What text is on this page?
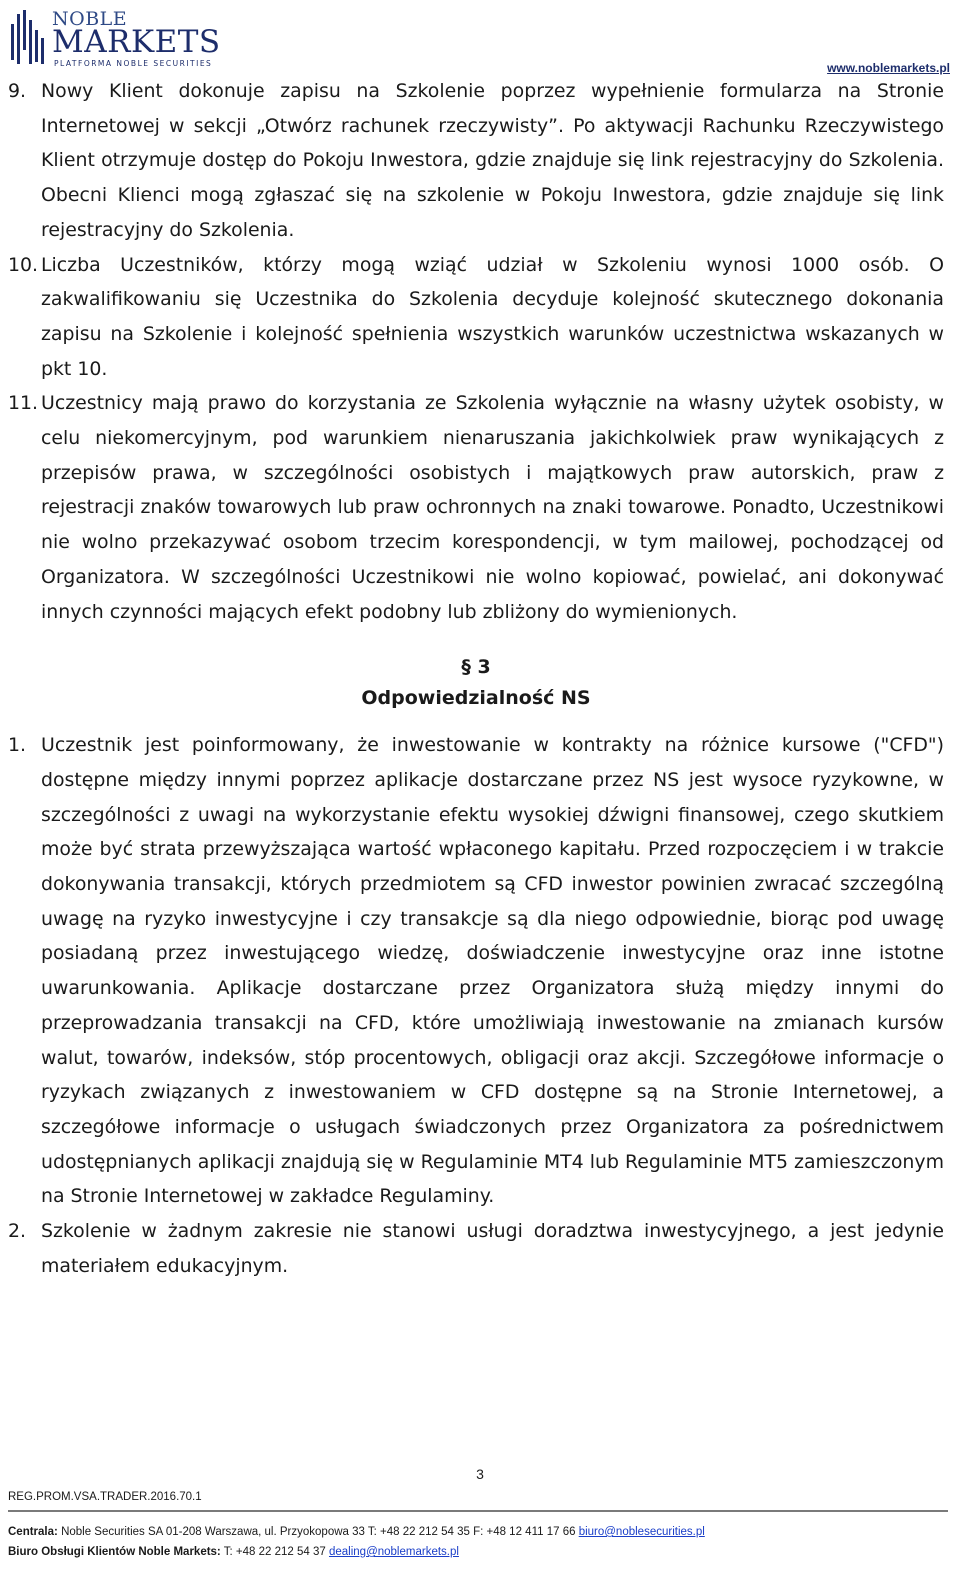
NOBLE
MARKETS
PLATFORMA NOBLE SECURITIES	www.noblemarkets.pl
9. Nowy Klient dokonuje zapisu na Szkolenie poprzez wypełnienie formularza na Stronie Internetowej w sekcji „Otwórz rachunek rzeczywisty”. Po aktywacji Rachunku Rzeczywistego Klient otrzymuje dostęp do Pokoju Inwestora, gdzie znajduje się link rejestracyjny do Szkolenia. Obecni Klienci mogą zgłaszać się na szkolenie w Pokoju Inwestora, gdzie znajduje się link rejestracyjny do Szkolenia.
10. Liczba Uczestników, którzy mogą wziąć udział w Szkoleniu wynosi 1000 osób. O zakwalifikowaniu się Uczestnika do Szkolenia decyduje kolejność skutecznego dokonania zapisu na Szkolenie i kolejność spełnienia wszystkich warunków uczestnictwa wskazanych w pkt 10.
11. Uczestnicy mają prawo do korzystania ze Szkolenia wyłącznie na własny użytek osobisty, w celu niekomercyjnym, pod warunkiem nienaruszania jakichkolwiek praw wynikających z przepisów prawa, w szczególności osobistych i majątkowych praw autorskich, praw z rejestracji znaków towarowych lub praw ochronnych na znaki towarowe. Ponadto, Uczestnikowi nie wolno przekazywać osobom trzecim korespondencji, w tym mailowej, pochodzącej od Organizatora. W szczególności Uczestnikowi nie wolno kopiować, powielać, ani dokonywać innych czynności mających efekt podobny lub zbliżony do wymienionych.
§ 3
Odpowiedzialność NS
1. Uczestnik jest poinformowany, że inwestowanie w kontrakty na różnice kursowe ("CFD") dostępne między innymi poprzez aplikacje dostarczane przez NS jest wysoce ryzykowne, w szczególności z uwagi na wykorzystanie efektu wysokiej dźwigni finansowej, czego skutkiem może być strata przewyższająca wartość wpłaconego kapitału. Przed rozpoczęciem i w trakcie dokonywania transakcji, których przedmiotem są CFD inwestor powinien zwracać szczególną uwagę na ryzyko inwestycyjne i czy transakcje są dla niego odpowiednie, biorąc pod uwagę posiadaną przez inwestującego wiedzę, doświadczenie inwestycyjne oraz inne istotne uwarunkowania. Aplikacje dostarczane przez Organizatora służą między innymi do przeprowadzania transakcji na CFD, które umożliwiają inwestowanie na zmianach kursów walut, towarów, indeksów, stóp procentowych, obligacji oraz akcji. Szczegółowe informacje o ryzykach związanych z inwestowaniem w CFD dostępne są na Stronie Internetowej, a szczegółowe informacje o usługach świadczonych przez Organizatora za pośrednictwem udostępnianych aplikacji znajdują się w Regulaminie MT4 lub Regulaminie MT5 zamieszczonym na Stronie Internetowej w zakładce Regulaminy.
2. Szkolenie w żadnym zakresie nie stanowi usługi doradztwa inwestycyjnego, a jest jedynie materiałem edukacyjnym.
3
REG.PROM.VSA.TRADER.2016.70.1
Centrala: Noble Securities SA 01-208 Warszawa, ul. Przyokopowa 33 T: +48 22 212 54 35 F: +48 12 411 17 66 biuro@noblesecurities.pl
Biuro Obsługi Klientów Noble Markets: T: +48 22 212 54 37 dealing@noblemarkets.pl
